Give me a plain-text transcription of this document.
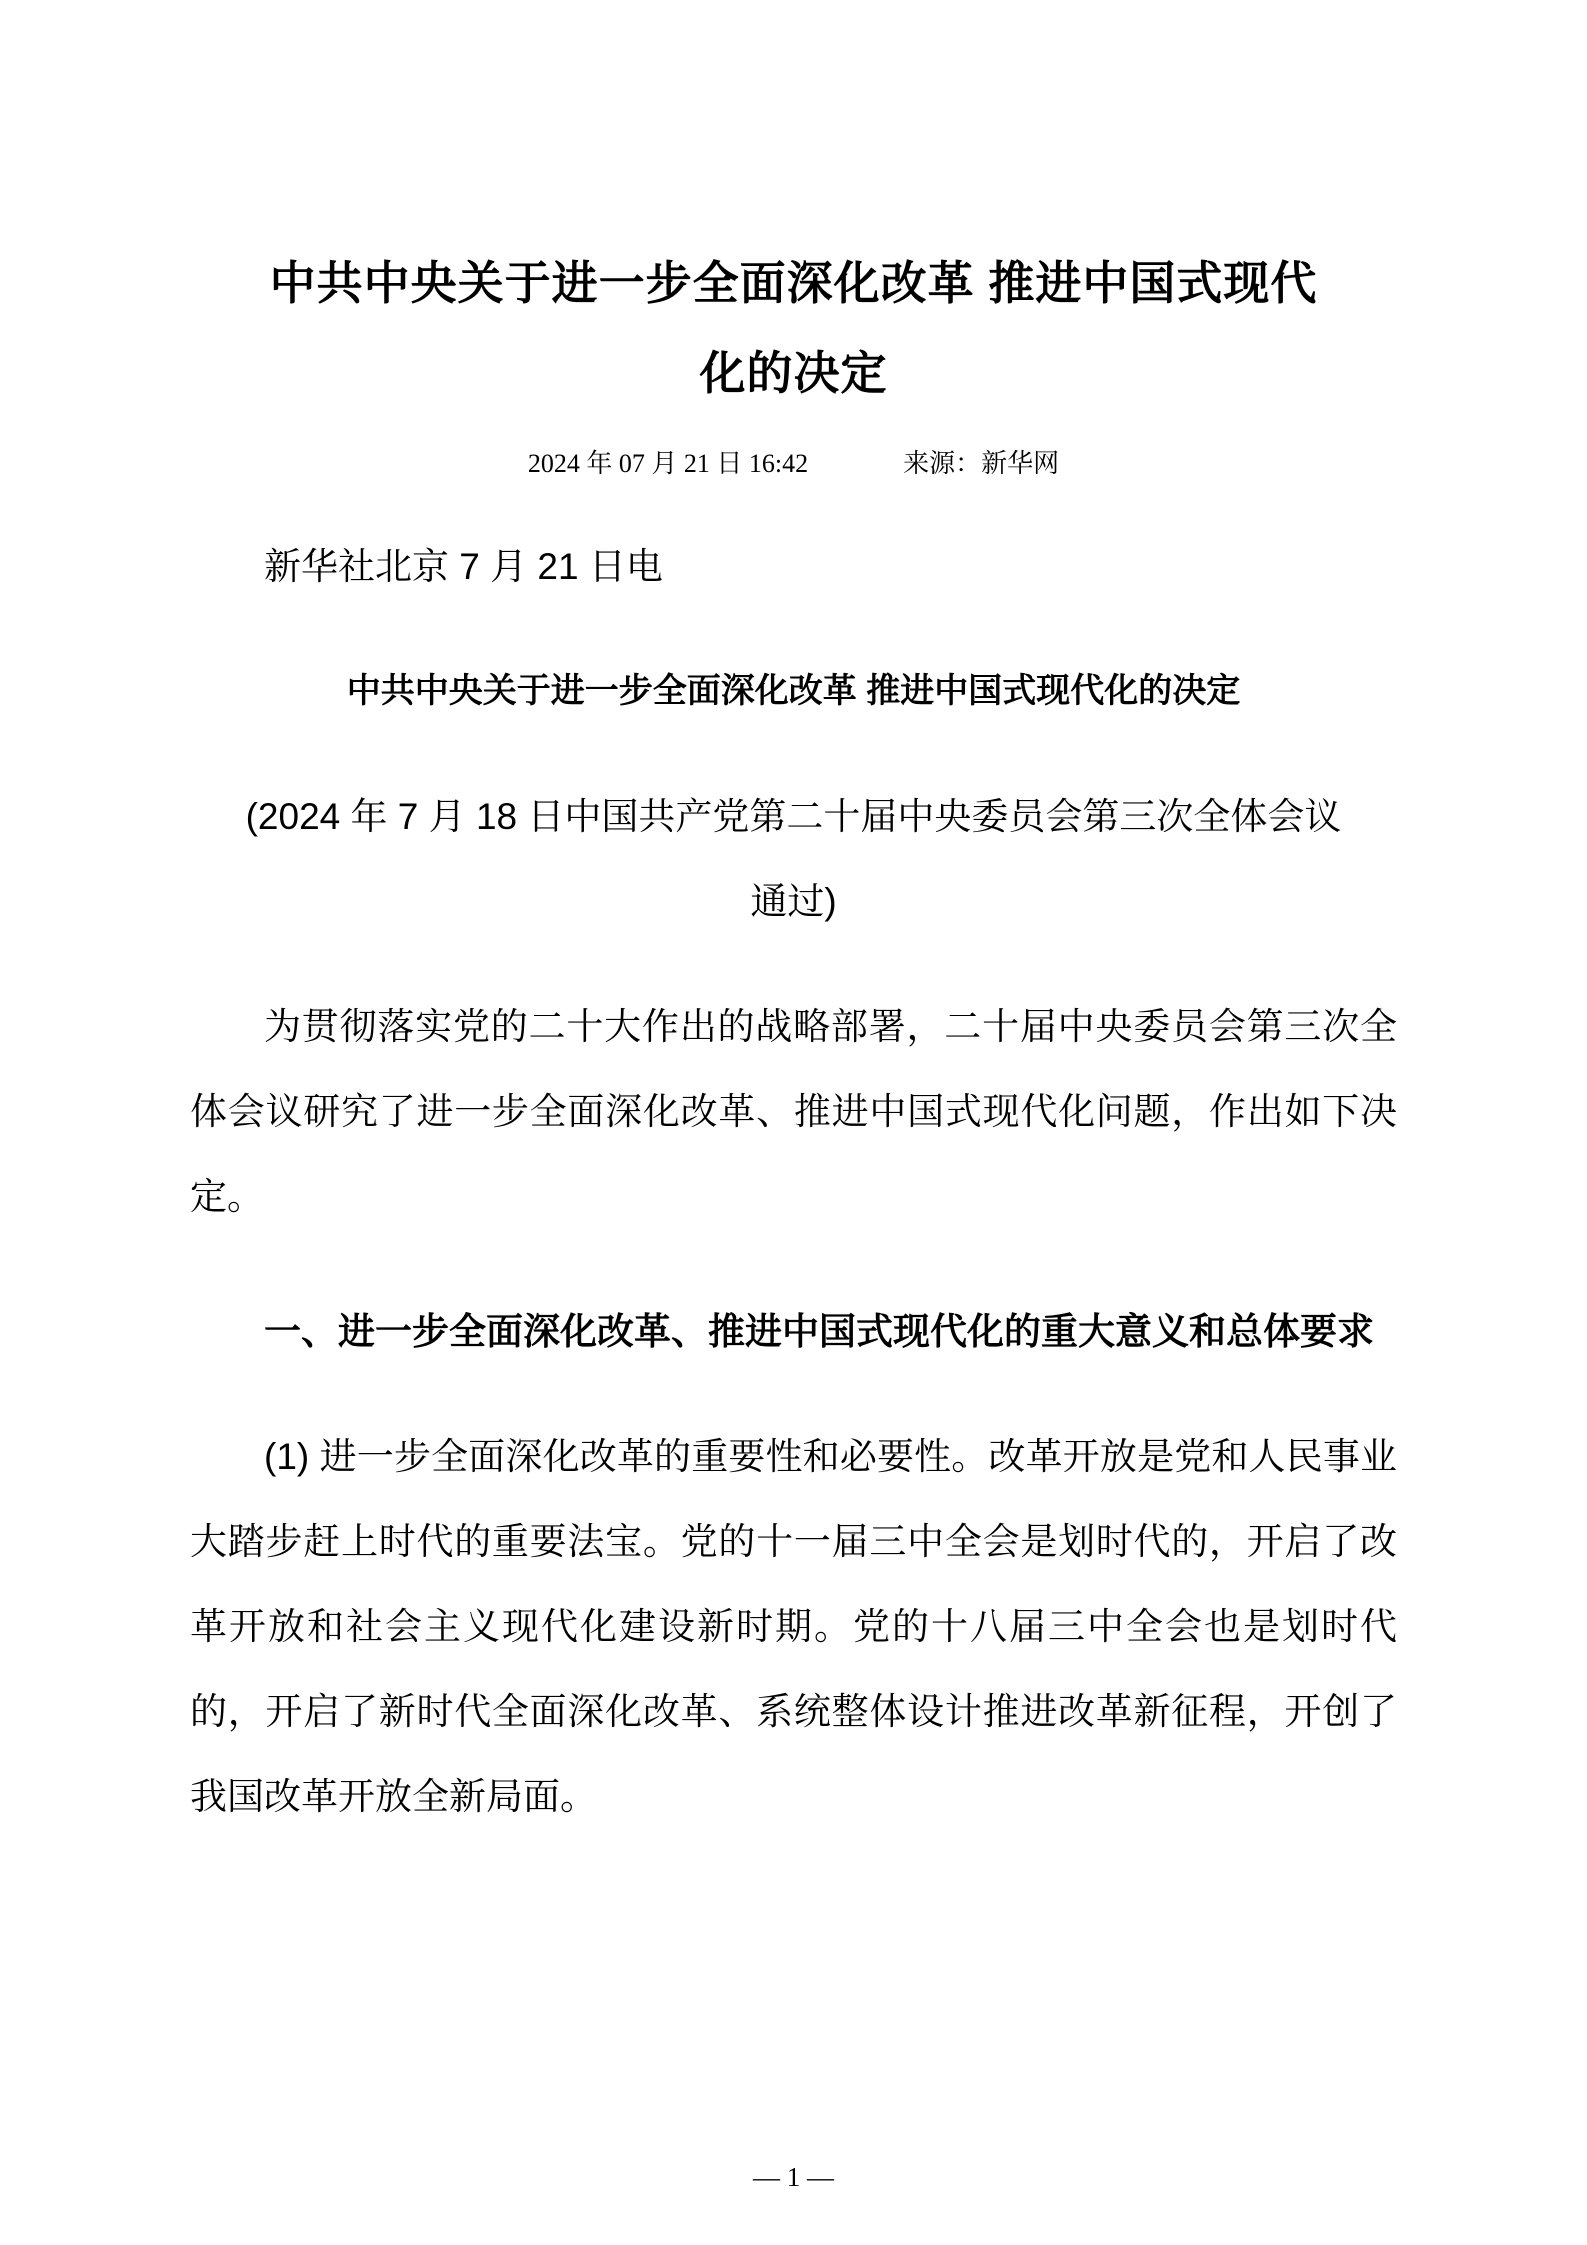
中共中央关于进一步全面深化改革 推进中国式现代
化的决定
2024 年 07 月 21 日 16:42	来源：新华网
新华社北京 7 月 21 日电
中共中央关于进一步全面深化改革 推进中国式现代化的决定
(2024 年 7 月 18 日中国共产党第二十届中央委员会第三次全体会议
通过)
为贯彻落实党的二十大作出的战略部署，二十届中央委员会第三次全体会议研究了进一步全面深化改革、推进中国式现代化问题，作出如下决定。
一、进一步全面深化改革、推进中国式现代化的重大意义和总体要求
(1) 进一步全面深化改革的重要性和必要性。改革开放是党和人民事业大踏步赶上时代的重要法宝。党的十一届三中全会是划时代的，开启了改革开放和社会主义现代化建设新时期。党的十八届三中全会也是划时代的，开启了新时代全面深化改革、系统整体设计推进改革新征程，开创了我国改革开放全新局面。
— 1 —
